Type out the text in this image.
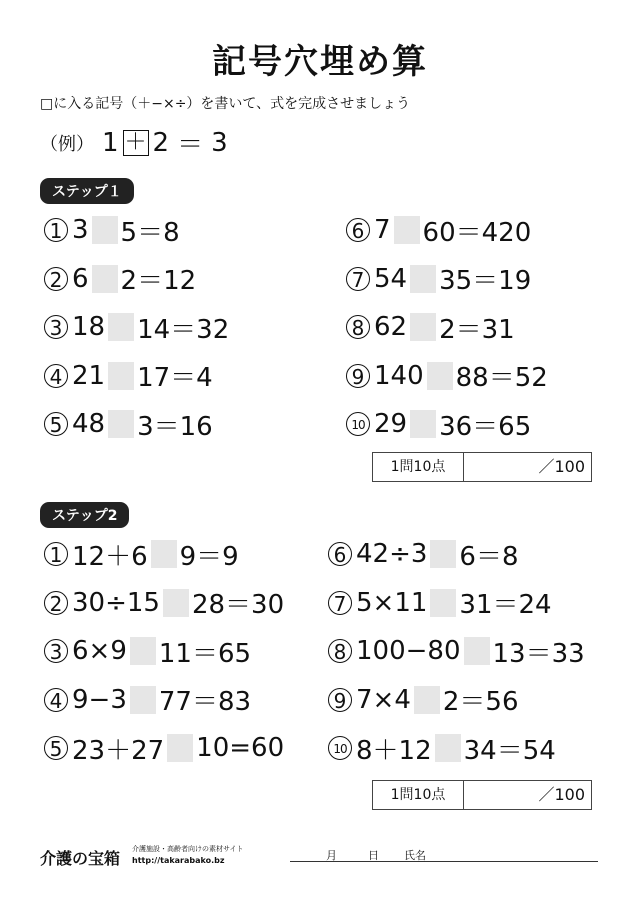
記号穴埋め算
□に入る記号（＋−×÷）を書いて、式を完成させましょう
（例） 1 ＋ 2 ＝ 3
ステップ１
1 3 5＝8
2 6 2＝12
3 18 14＝32
4 21 17＝4
5 48 3＝16
6 7 60＝420
7 54 35＝19
8 62 2＝31
9 140 88＝52
10 29 36＝65
1問10点	／100
ステップ2
1 12＋6 9＝9
2 30÷15 28＝30
3 6×9 11＝65
4 9−3 77＝83
5 23＋27 10=60
6 42÷3 6＝8
7 5×11 31＝24
8 100−80 13＝33
9 7×4 2＝56
10 8＋12 34＝54
1問10点	／100
介護の宝箱 介護施設・高齢者向けの素材サイト
http://takarabako.bz	月	日 氏名
